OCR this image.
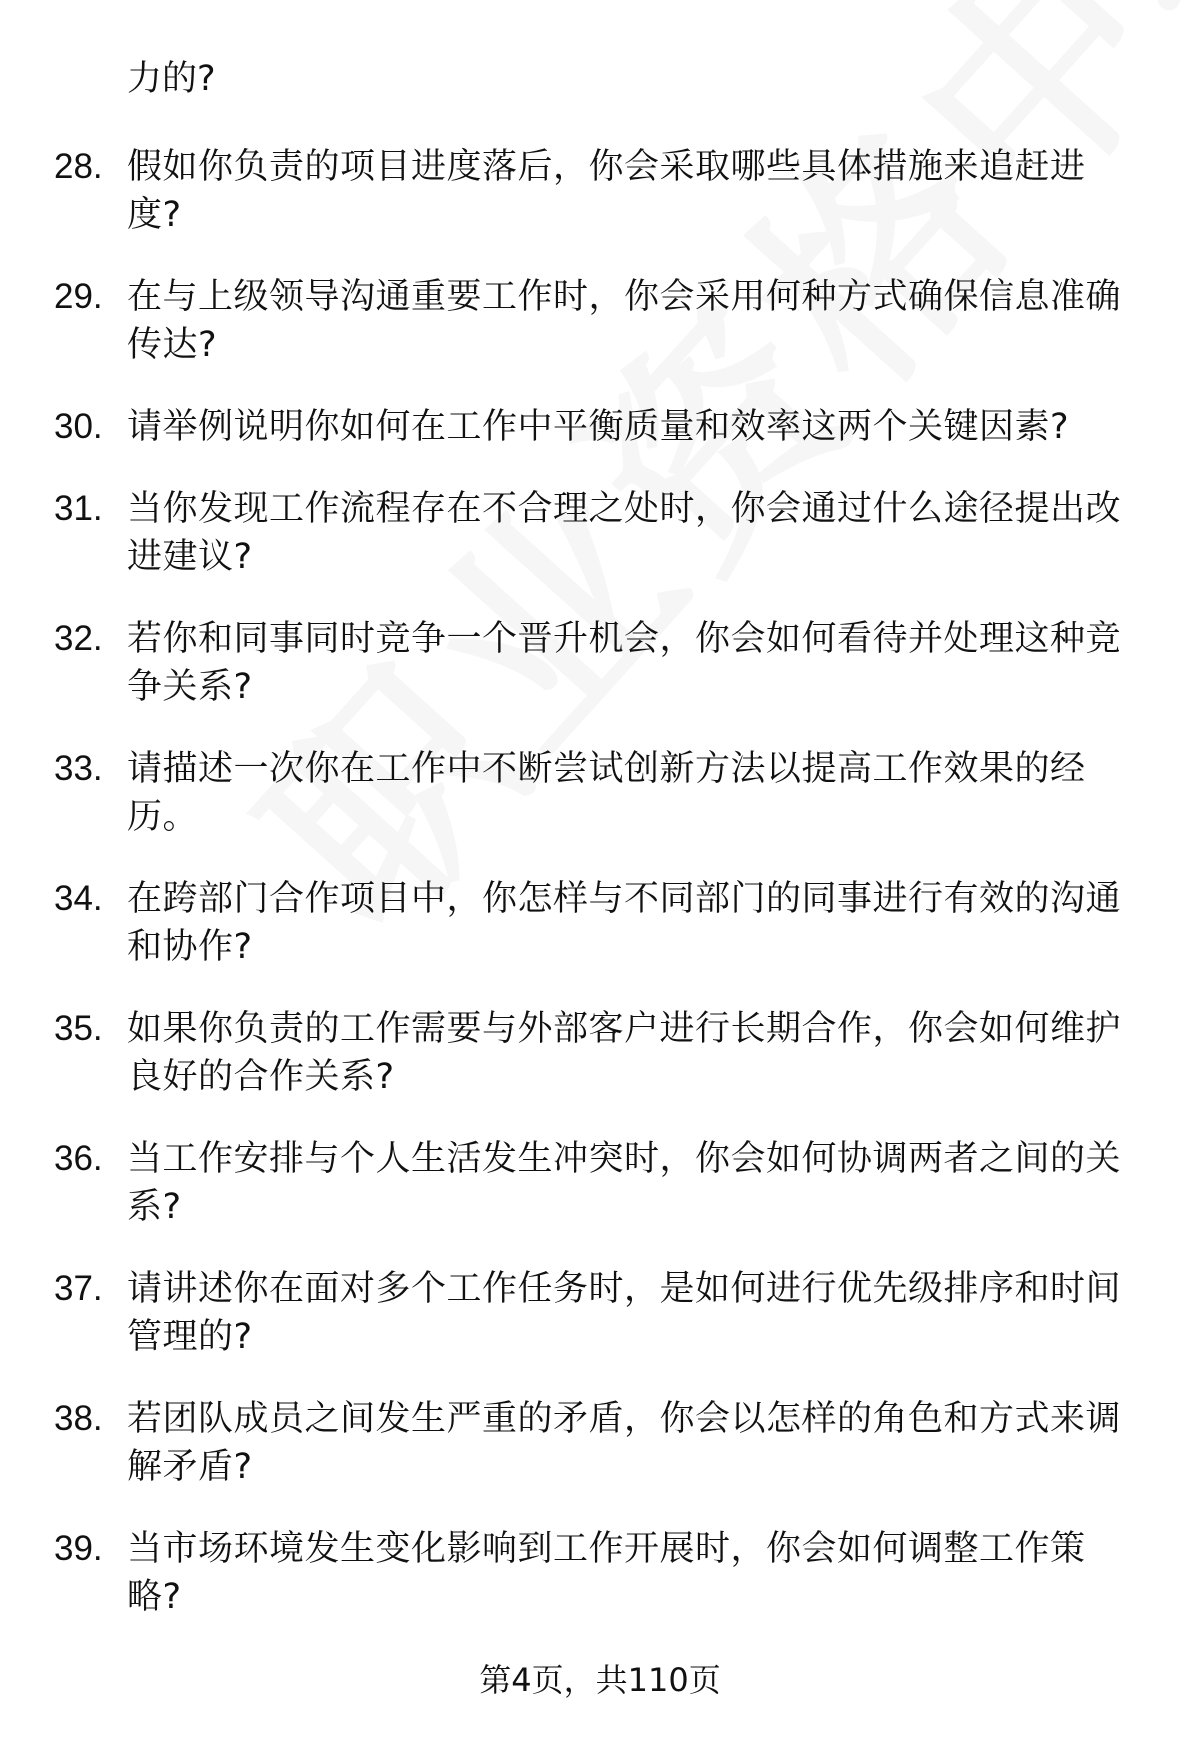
力的?
28. 假如你负责的项目进度落后，你会采取哪些具体措施来追赶进
度?
29. 在与上级领导沟通重要工作时，你会采用何种方式确保信息准确
传达?
30. 请举例说明你如何在工作中平衡质量和效率这两个关键因素?
31. 当你发现工作流程存在不合理之处时，你会通过什么途径提出改
进建议?
32. 若你和同事同时竞争一个晋升机会，你会如何看待并处理这种竞
争关系?
33. 请描述一次你在工作中不断尝试创新方法以提高工作效果的经
历。
34. 在跨部门合作项目中，你怎样与不同部门的同事进行有效的沟通
和协作?
35. 如果你负责的工作需要与外部客户进行长期合作，你会如何维护
良好的合作关系?
36. 当工作安排与个人生活发生冲突时，你会如何协调两者之间的关
系?
37. 请讲述你在面对多个工作任务时，是如何进行优先级排序和时间
管理的?
38. 若团队成员之间发生严重的矛盾，你会以怎样的角色和方式来调
解矛盾?
39. 当市场环境发生变化影响到工作开展时，你会如何调整工作策
略?
第4页，共110页
